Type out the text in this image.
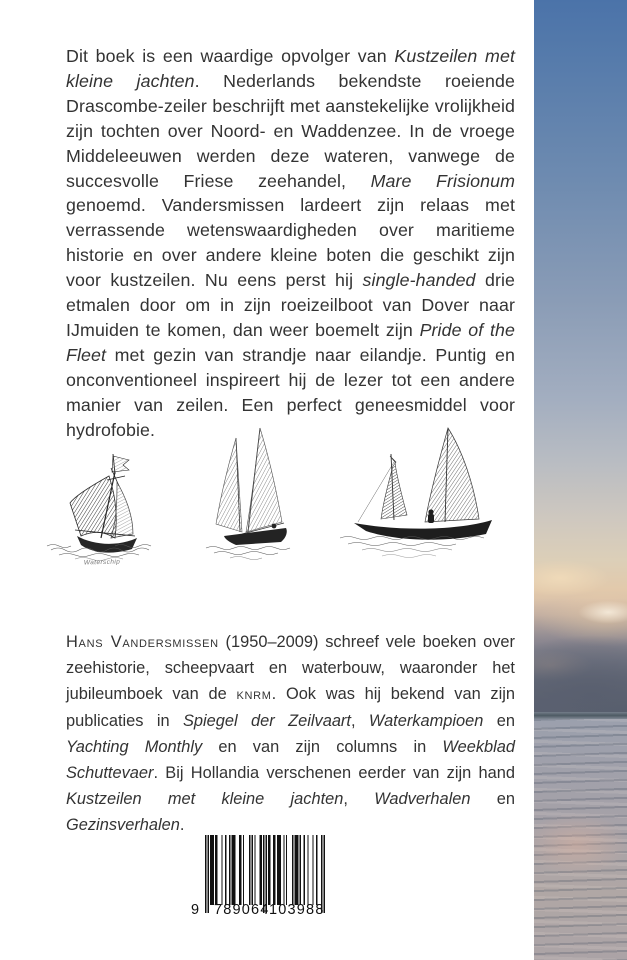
Dit boek is een waardige opvolger van Kustzeilen met kleine jachten. Nederlands bekendste roeiende Drascombe-zeiler beschrijft met aanstekelijke vrolijkheid zijn tochten over Noord- en Waddenzee. In de vroege Middeleeuwen werden deze wateren, vanwege de succesvolle Friese zeehandel, Mare Frisionum genoemd. Vandersmissen lardeert zijn relaas met verrassende wetenswaardigheden over maritieme historie en over andere kleine boten die geschikt zijn voor kustzeilen. Nu eens perst hij single-handed drie etmalen door om in zijn roeizeilboot van Dover naar IJmuiden te komen, dan weer boemelt zijn Pride of the Fleet met gezin van strandje naar eilandje. Puntig en onconventioneel inspireert hij de lezer tot een andere manier van zeilen. Een perfect geneesmiddel voor hydrofobie.
Waterschip
Hans Vandersmissen (1950–2009) schreef vele boeken over zeehistorie, scheepvaart en waterbouw, waaronder het jubileumboek van de knrm. Ook was hij bekend van zijn publicaties in Spiegel der Zeilvaart, Waterkampioen en Yachting Monthly en van zijn columns in Weekblad Schuttevaer. Bij Hollandia verschenen eerder van zijn hand Kustzeilen met kleine jachten, Wadverhalen en Gezinsverhalen.
9 789064 103988
